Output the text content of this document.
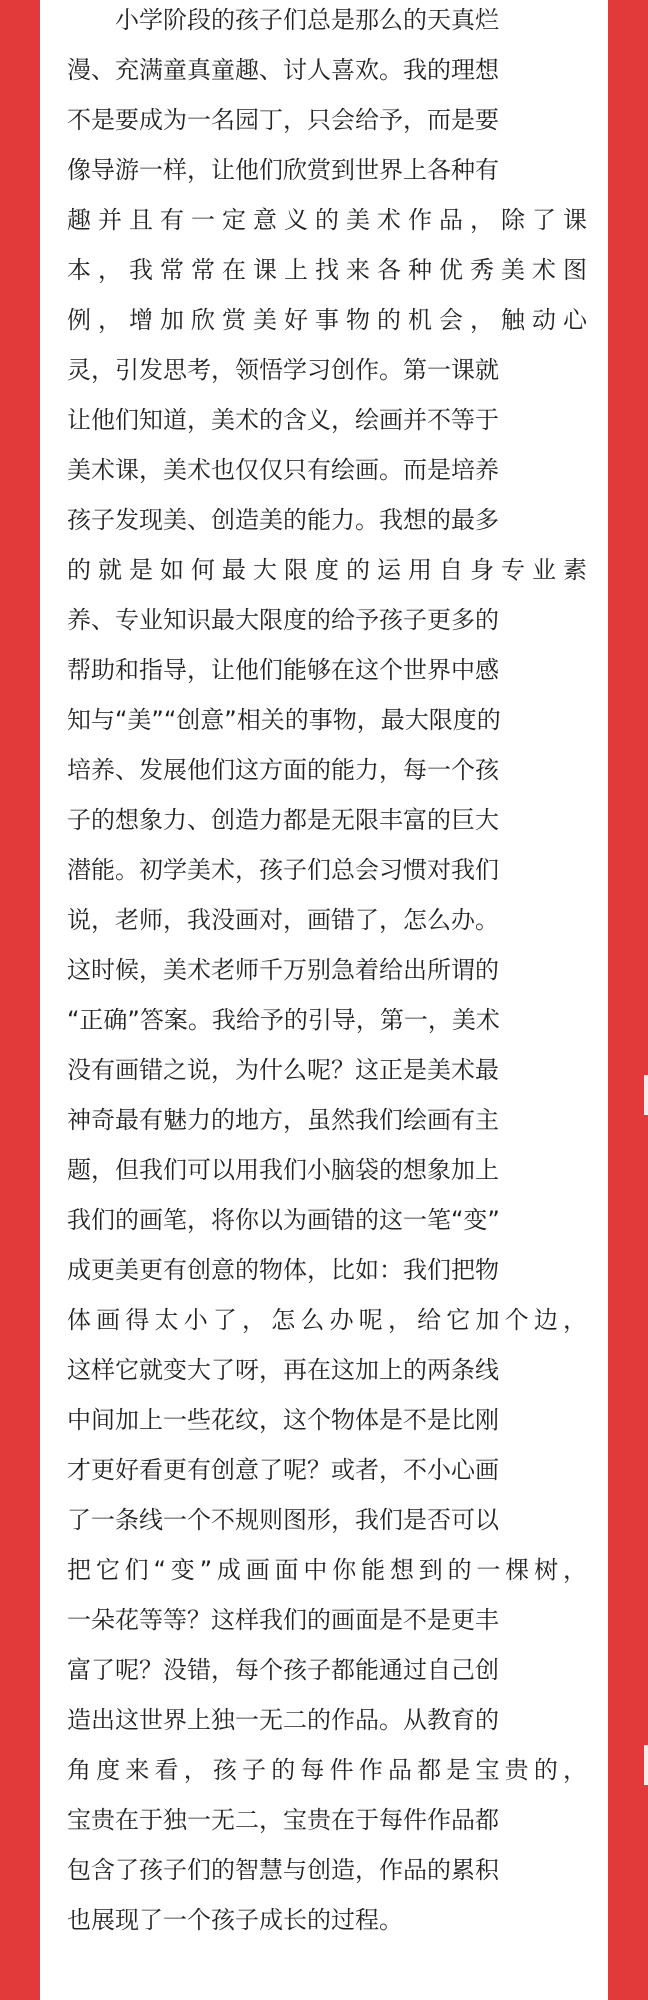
　　小学阶段的孩子们总是那么的天真烂
漫、充满童真童趣、讨人喜欢。我的理想
不是要成为一名园丁，只会给予，而是要
像导游一样，让他们欣赏到世界上各种有
趣并且有一定意义的美术作品，除了课
本，我常常在课上找来各种优秀美术图
例，增加欣赏美好事物的机会，触动心
灵，引发思考，领悟学习创作。第一课就
让他们知道，美术的含义，绘画并不等于
美术课，美术也仅仅只有绘画。而是培养
孩子发现美、创造美的能力。我想的最多
的就是如何最大限度的运用自身专业素
养、专业知识最大限度的给予孩子更多的
帮助和指导，让他们能够在这个世界中感
知与“美”“创意”相关的事物，最大限度的
培养、发展他们这方面的能力，每一个孩
子的想象力、创造力都是无限丰富的巨大
潜能。初学美术，孩子们总会习惯对我们
说，老师，我没画对，画错了，怎么办。
这时候，美术老师千万别急着给出所谓的
“正确”答案。我给予的引导，第一，美术
没有画错之说，为什么呢？这正是美术最
神奇最有魅力的地方，虽然我们绘画有主
题，但我们可以用我们小脑袋的想象加上
我们的画笔，将你以为画错的这一笔“变”
成更美更有创意的物体，比如：我们把物
体画得太小了，怎么办呢，给它加个边，
这样它就变大了呀，再在这加上的两条线
中间加上一些花纹，这个物体是不是比刚
才更好看更有创意了呢？或者，不小心画
了一条线一个不规则图形，我们是否可以
把它们“变”成画面中你能想到的一棵树，
一朵花等等？这样我们的画面是不是更丰
富了呢？没错，每个孩子都能通过自己创
造出这世界上独一无二的作品。从教育的
角度来看，孩子的每件作品都是宝贵的，
宝贵在于独一无二，宝贵在于每件作品都
包含了孩子们的智慧与创造，作品的累积
也展现了一个孩子成长的过程。
